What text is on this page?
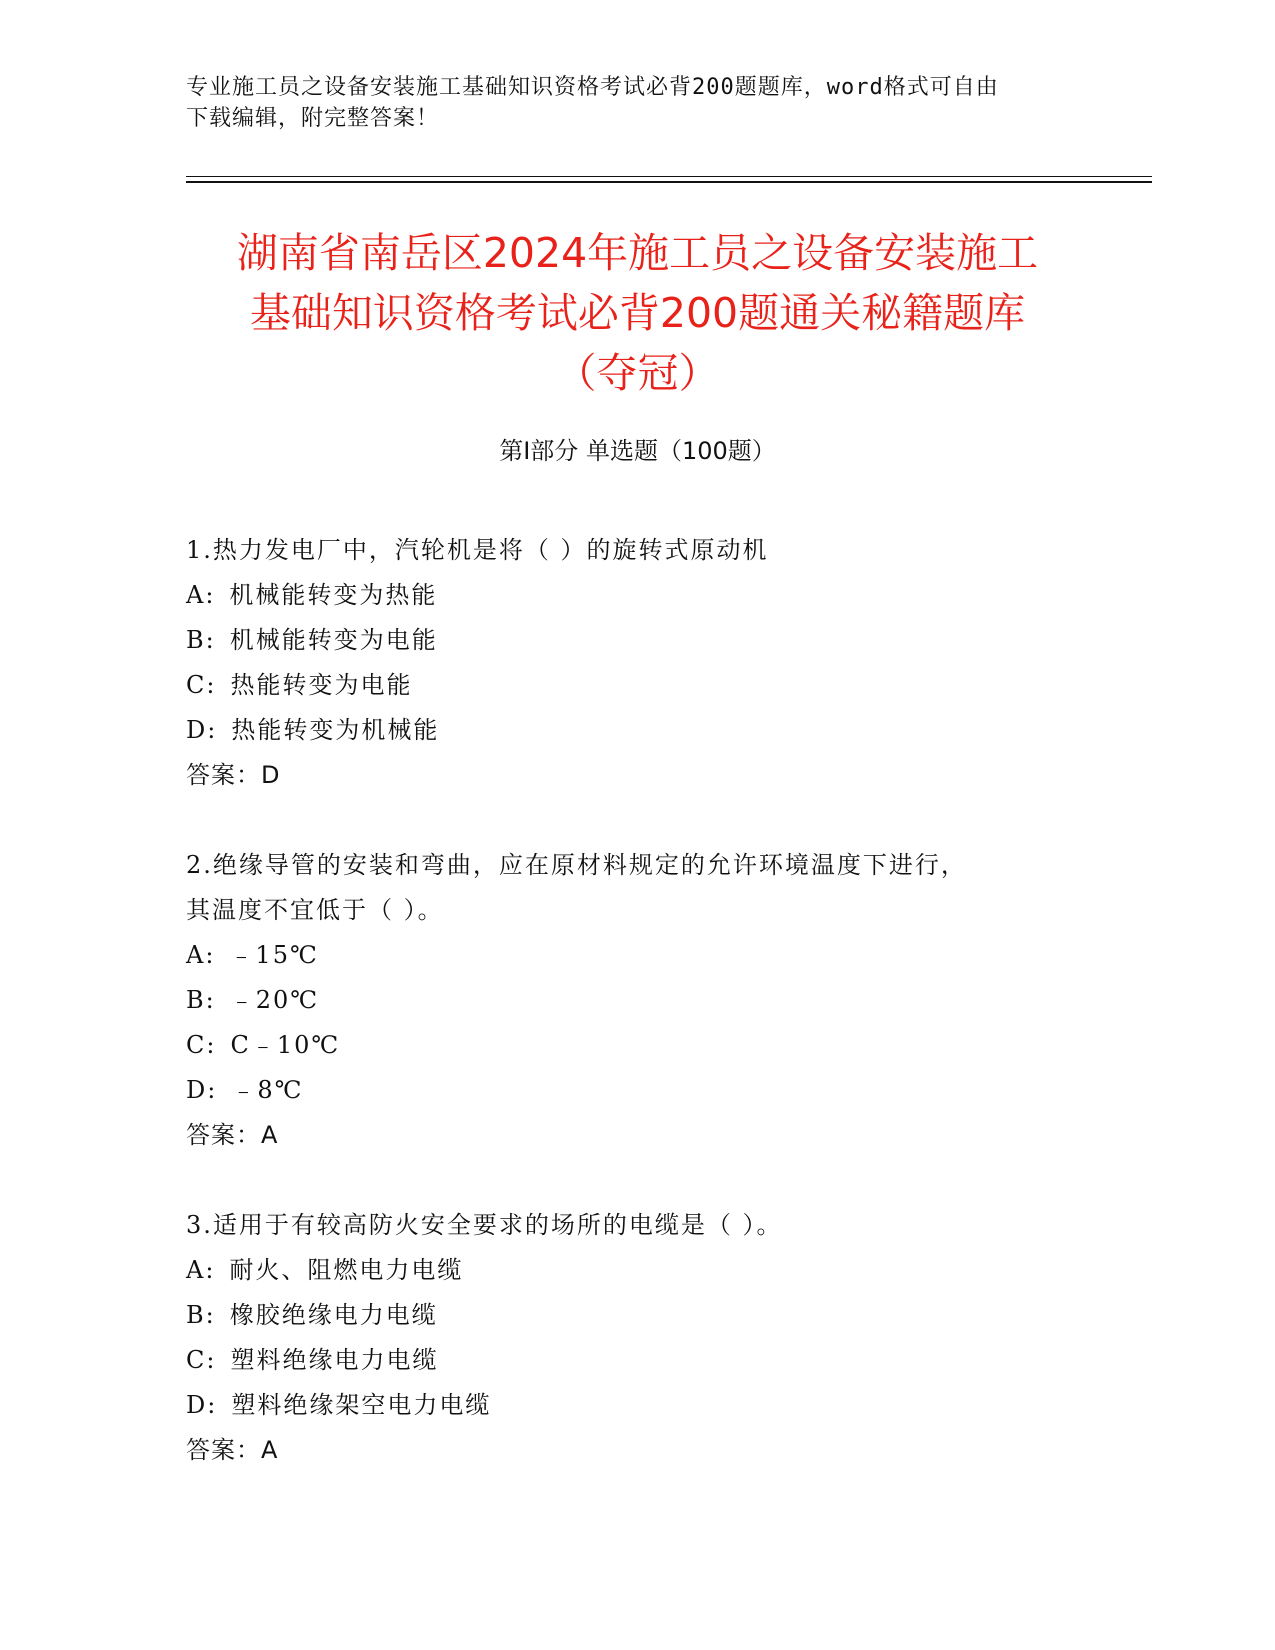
专业施工员之设备安装施工基础知识资格考试必背200题题库，word格式可自由
下载编辑，附完整答案！
湖南省南岳区2024年施工员之设备安装施工
基础知识资格考试必背200题通关秘籍题库
（夺冠）
第Ⅰ部分 单选题（100题）
1.热力发电厂中，汽轮机是将（ ）的旋转式原动机
A: 机械能转变为热能
B: 机械能转变为电能
C: 热能转变为电能
D: 热能转变为机械能
答案：D
2.绝缘导管的安装和弯曲，应在原材料规定的允许环境温度下进行，
其温度不宜低于（ ）。
A: ﹣15℃
B: ﹣20℃
C: C﹣10℃
D: ﹣8℃
答案：A
3.适用于有较高防火安全要求的场所的电缆是（ ）。
A: 耐火、阻燃电力电缆
B: 橡胶绝缘电力电缆
C: 塑料绝缘电力电缆
D: 塑料绝缘架空电力电缆
答案：A
